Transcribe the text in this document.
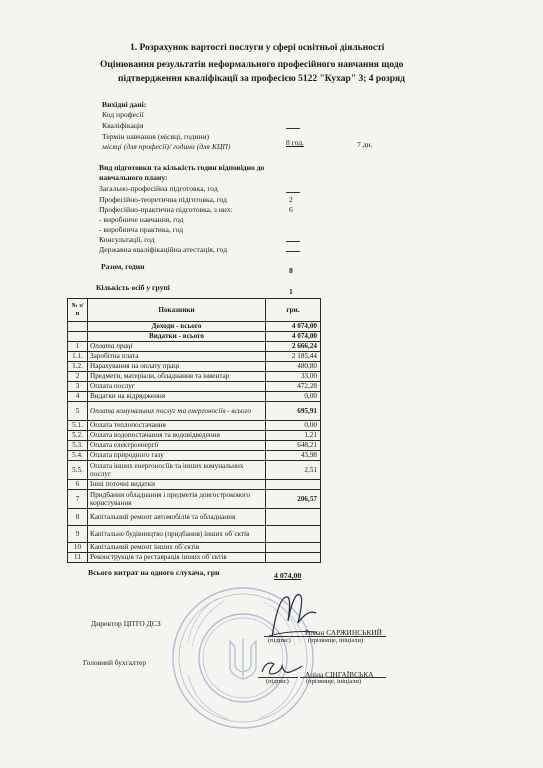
1. Розрахунок вартості послуги у сфері освітньої діяльності
Оцінювання результатів неформального професійного навчання щодо
підтвердження кваліфікації за професією 5122 "Кухар" 3; 4 розряд
Вихідні дані:
Код професії
Кваліфікація
Термін навчання (місяці, години)
місяці (для професії)/ години (для КЦП)	8 год.	7 дн.
Вид підготовки та кількість годин відповідно до
навчального плану:
Загально-професійна підготовка, год
Професійно-теоретична підготовка, год	2
Професійно-практична підготовка, з них:	6
- виробниче навчання, год
- виробнича практика, год
Консультації, год
Державна кваліфікаційна атестація, год
Разом, годин	8
Кількість осіб у групі	1
№ з/п	Показники	грн.
	Доходи - всього	4 074,00
	Видатки - всього	4 074,00
1	Оплата праці	2 666,24
1.1.	Заробітна плата	2 185,44
1.2.	Нарахування на оплату праці	480,80
2	Предмети, матеріали, обладнання та інвентар	33,00
3	Оплата послуг	472,28
4	Видатки на відрядження	0,00
5	Оплата комунальних послуг та енергоносіїв - всього	695,91
5.1.	Оплата теплопостачання	0,00
5.2.	Оплата водопостачання та водовідведення	1,21
5.3.	Оплата електроенергії	648,21
5.4.	Оплата природного газу	43,98
5.5.	Оплата інших енергоносіїв та інших комунальних послуг	2,51
6	Інші поточні видатки	
7	Придбання обладнання і предметів довгострокового користування	206,57
8	Капітальний ремонт автомобілів та обладнання	
9	Капітальне будівництво (придбання) інших об`єктів	
10	Капітальний ремонт інших об`єктів	
11	Реконструкція та реставрація інших об`єктів	
Всього витрат на одного слухача, грн	4 074,00
Директор ЦПТО ДСЗ
(підпис)
Роман САРЖИНСЬКИЙ
(прізвище, ініціали)
Головний бухгалтер
(підпис)
Аліна СІНГАЇВСЬКА
(прізвище, ініціали)
